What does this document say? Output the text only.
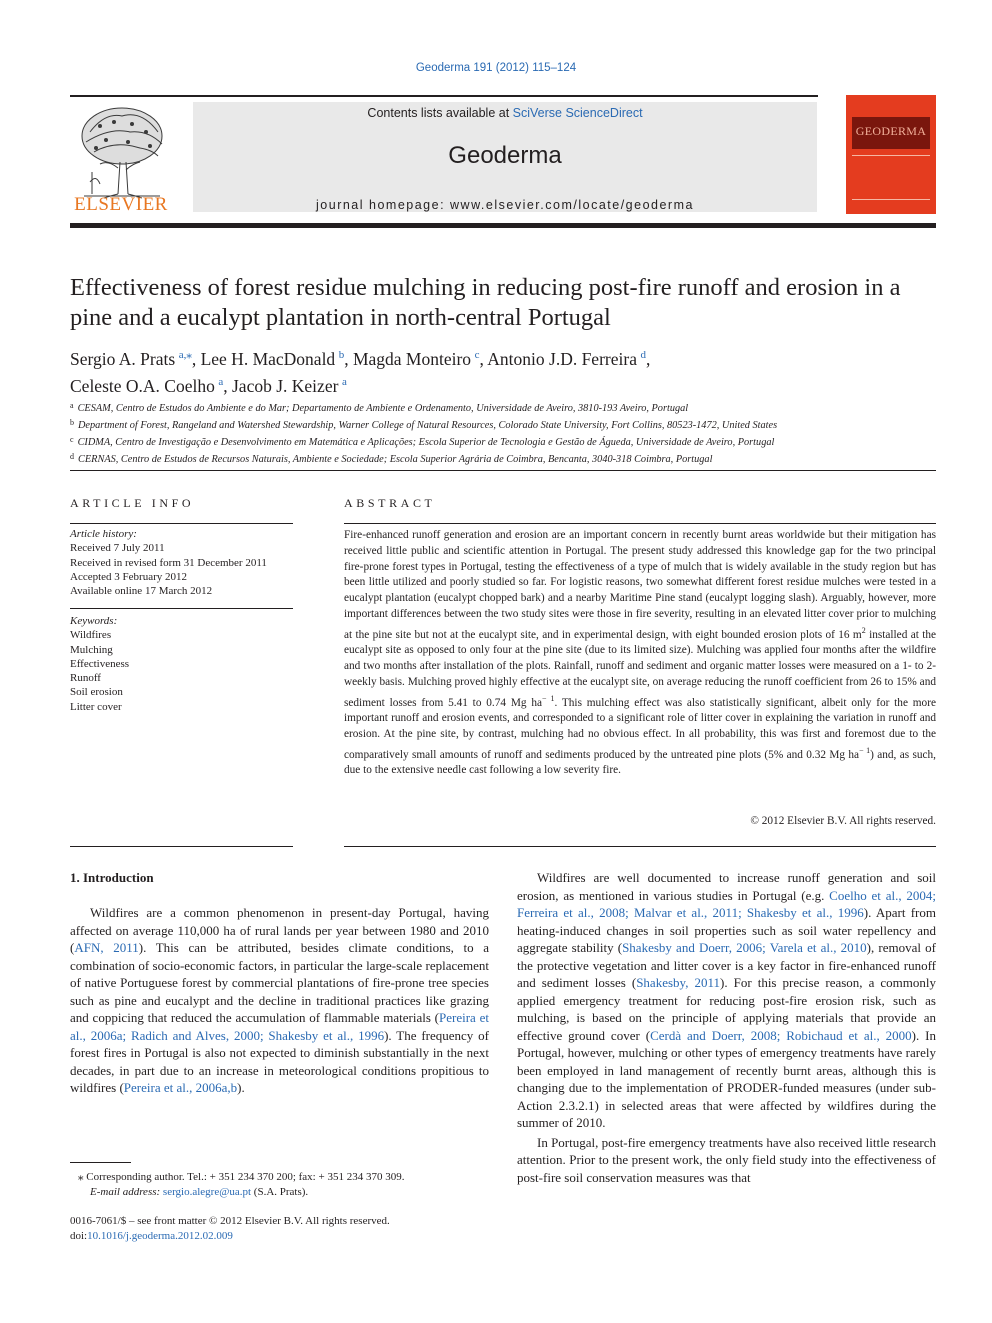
Geoderma 191 (2012) 115–124
Contents lists available at SciVerse ScienceDirect
Geoderma
journal homepage: www.elsevier.com/locate/geoderma
ELSEVIER
GEODERMA
Effectiveness of forest residue mulching in reducing post-fire runoff and erosion in a pine and a eucalypt plantation in north-central Portugal
Sergio A. Prats  $^{a,⁎}$, Lee H. MacDonald  $^b$, Magda Monteiro  $^c$, Antonio J.D. Ferreira  $^d$,
Celeste O.A. Coelho  $^a$, Jacob J. Keizer  $^a$
$^a$ CESAM, Centro de Estudos do Ambiente e do Mar; Departamento de Ambiente e Ordenamento, Universidade de Aveiro, 3810-193 Aveiro, Portugal
$^b$ Department of Forest, Rangeland and Watershed Stewardship, Warner College of Natural Resources, Colorado State University, Fort Collins, 80523-1472, United States
$^c$ CIDMA, Centro de Investigação e Desenvolvimento em Matemática e Aplicações; Escola Superior de Tecnologia e Gestão de Águeda, Universidade de Aveiro, Portugal
$^d$ CERNAS, Centro de Estudos de Recursos Naturais, Ambiente e Sociedade; Escola Superior Agrária de Coimbra, Bencanta, 3040-318 Coimbra, Portugal
ARTICLE INFO	ABSTRACT
Article history:
Received 7 July 2011
Received in revised form 31 December 2011
Accepted 3 February 2012
Available online 17 March 2012
Keywords:
Wildfires
Mulching
Effectiveness
Runoff
Soil erosion
Litter cover
Fire-enhanced runoff generation and erosion are an important concern in recently burnt areas worldwide but their mitigation has received little public and scientific attention in Portugal. The present study addressed this knowledge gap for the two principal fire-prone forest types in Portugal, testing the effectiveness of a type of mulch that is widely available in the study region but has been little utilized and poorly studied so far. For logistic reasons, two somewhat different forest residue mulches were tested in a eucalypt plantation (eucalypt chopped bark) and a nearby Maritime Pine stand (eucalypt logging slash). Arguably, however, more important differences between the two study sites were those in fire severity, resulting in an elevated litter cover prior to mulching at the pine site but not at the eucalypt site, and in experimental design, with eight bounded erosion plots of 16 $m^2$ installed at the eucalypt site as opposed to only four at the pine site (due to its limited size). Mulching was applied four months after the wildfire and two months after installation of the plots. Rainfall, runoff and sediment and organic matter losses were measured on a 1- to 2-weekly basis. Mulching proved highly effective at the eucalypt site, on average reducing the runoff coefficient from 26 to 15% and sediment losses from 5.41 to 0.74 Mg $ha^{- 1}$. This mulching effect was also statistically significant, albeit only for the more important runoff and erosion events, and corresponded to a significant role of litter cover in explaining the variation in runoff and erosion. At the pine site, by contrast, mulching had no obvious effect. In all probability, this was first and foremost due to the comparatively small amounts of runoff and sediments produced by the untreated pine plots (5% and 0.32 Mg $ha^{- 1}$) and, as such, due to the extensive needle cast following a low severity fire.
© 2012 Elsevier B.V. All rights reserved.
1. Introduction

Wildfires are a common phenomenon in present-day Portugal, having affected on average 110,000 ha of rural lands per year between 1980 and 2010 (AFN, 2011). This can be attributed, besides climate conditions, to a combination of socio-economic factors, in particular the large-scale replacement of native Portuguese forest by commercial plantations of fire-prone tree species such as pine and eucalypt and the decline in traditional practices like grazing and coppicing that reduced the accumulation of flammable materials (Pereira et al., 2006a; Radich and Alves, 2000; Shakesby et al., 1996). The frequency of forest fires in Portugal is also not expected to diminish substantially in the next decades, in part due to an increase in meteorological conditions propitious to wildfires (Pereira et al., 2006a,b).

Wildfires are well documented to increase runoff generation and soil erosion, as mentioned in various studies in Portugal (e.g. Coelho et al., 2004; Ferreira et al., 2008; Malvar et al., 2011; Shakesby et al., 1996). Apart from heating-induced changes in soil properties such as soil water repellency and aggregate stability (Shakesby and Doerr, 2006; Varela et al., 2010), removal of the protective vegetation and litter cover is a key factor in fire-enhanced runoff and sediment losses (Shakesby, 2011). For this precise reason, a commonly applied emergency treatment for reducing post-fire erosion risk, such as mulching, is based on the principle of applying materials that provide an effective ground cover (Cerdà and Doerr, 2008; Robichaud et al., 2000). In Portugal, however, mulching or other types of emergency treatments have rarely been employed in land management of recently burnt areas, although this is changing due to the implementation of PRODER-funded measures (under sub-Action 2.3.2.1) in selected areas that were affected by wildfires during the summer of 2010.

In Portugal, post-fire emergency treatments have also received little research attention. Prior to the present work, the only field study into the effectiveness of post-fire soil conservation measures was that

⁎ Corresponding author. Tel.: + 351 234 370 200; fax: + 351 234 370 309.
E-mail address: sergio.alegre@ua.pt (S.A. Prats).
0016-7061/$ – see front matter © 2012 Elsevier B.V. All rights reserved.
doi:10.1016/j.geoderma.2012.02.009
